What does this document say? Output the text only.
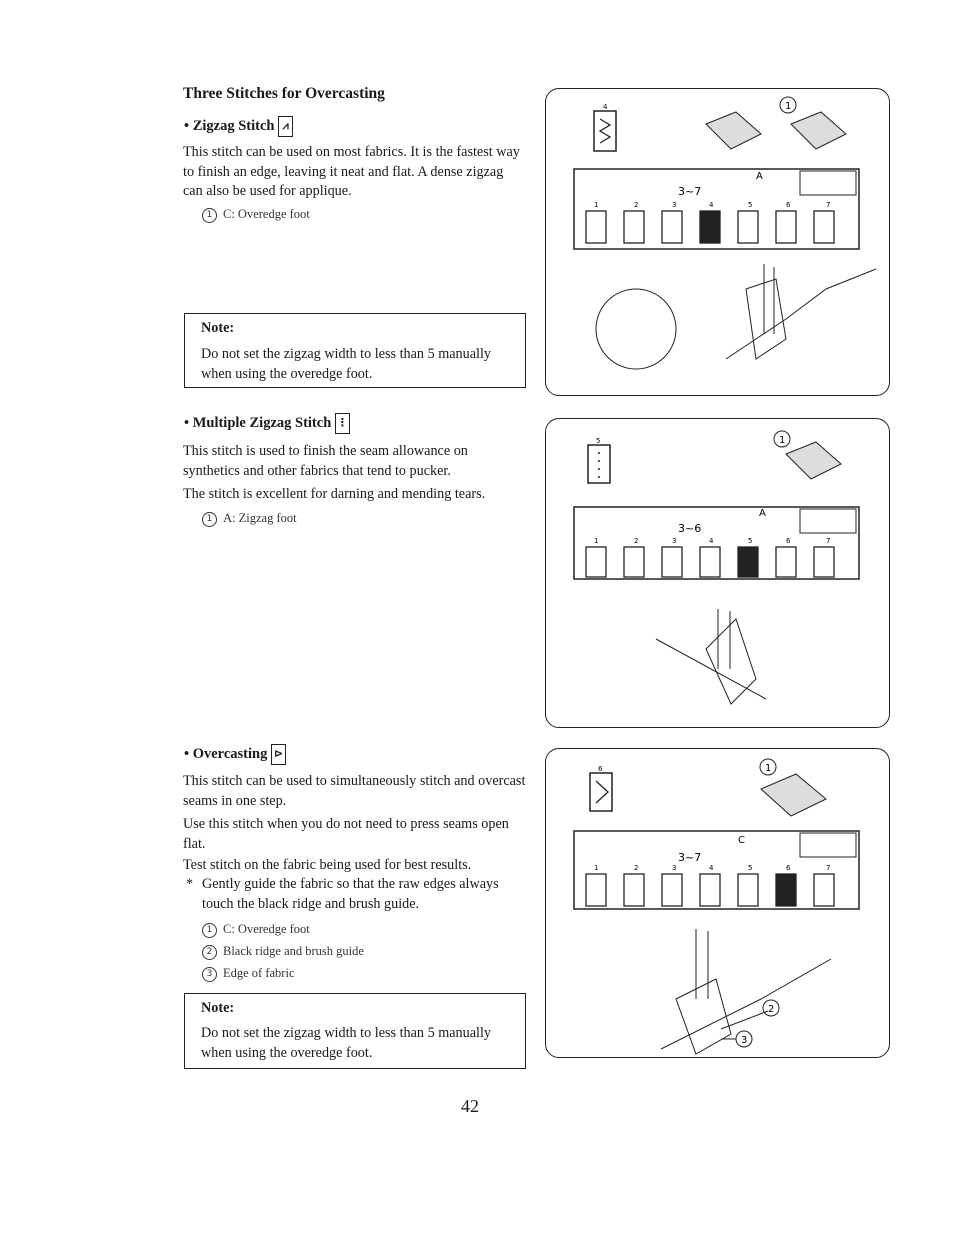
Three Stitches for Overcasting
• Zigzag Stitch ⩘
This stitch can be used on most fabrics. It is the fastest way to finish an edge, leaving it neat and flat. A dense zigzag can also be used for applique.
1 C: Overedge foot
Note:
Do not set the zigzag width to less than 5 manually when using the overedge foot.
• Multiple Zigzag Stitch ⋮
This stitch is used to finish the seam allowance on synthetics and other fabrics that tend to pucker.
The stitch is excellent for darning and mending tears.
1 A: Zigzag foot
• Overcasting ⊳
This stitch can be used to simultaneously stitch and overcast seams in one step.
Use this stitch when you do not need to press seams open flat.
Test stitch on the fabric being used for best results.
* Gently guide the fabric so that the raw edges always touch the black ridge and brush guide.
1 C: Overedge foot
2 Black ridge and brush guide
3 Edge of fabric
Note:
Do not set the zigzag width to less than 5 manually when using the overedge foot.
4	1
3~7
A
1	2	3	4	5	6	7
5	1
3~6
A
1	2	3	4	5	6	7
6	1
3~7
C
1	2	3	4	5	6	7
2
3
42
